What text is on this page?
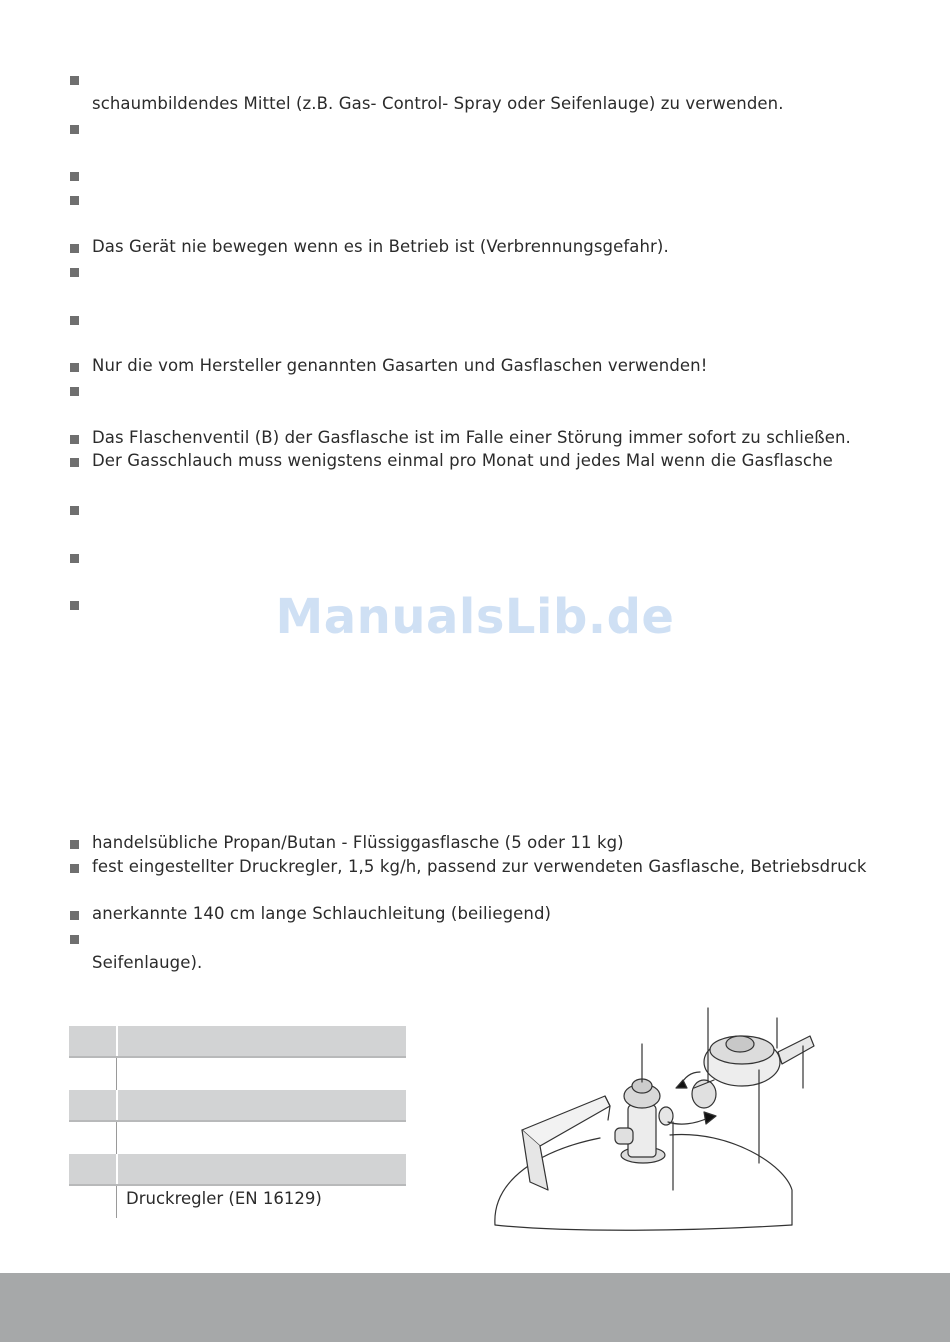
schaumbildendes Mittel (z.B. Gas- Control- Spray oder Seifenlauge) zu verwenden.
Das Gerät nie bewegen wenn es in Betrieb ist (Verbrennungsgefahr).
Nur die vom Hersteller genannten Gasarten und Gasflaschen verwenden!
Das Flaschenventil (B) der Gasflasche ist im Falle einer Störung immer sofort zu schließen.
Der Gasschlauch muss wenigstens einmal pro Monat und jedes Mal wenn die Gasflasche
ManualsLib.de
handelsübliche Propan/Butan - Flüssiggasflasche (5 oder 11 kg)
fest eingestellter Druckregler, 1,5 kg/h, passend zur verwendeten Gasflasche, Betriebsdruck
anerkannte 140 cm lange Schlauchleitung (beiliegend)
Seifenlauge).
Druckregler (EN 16129)
